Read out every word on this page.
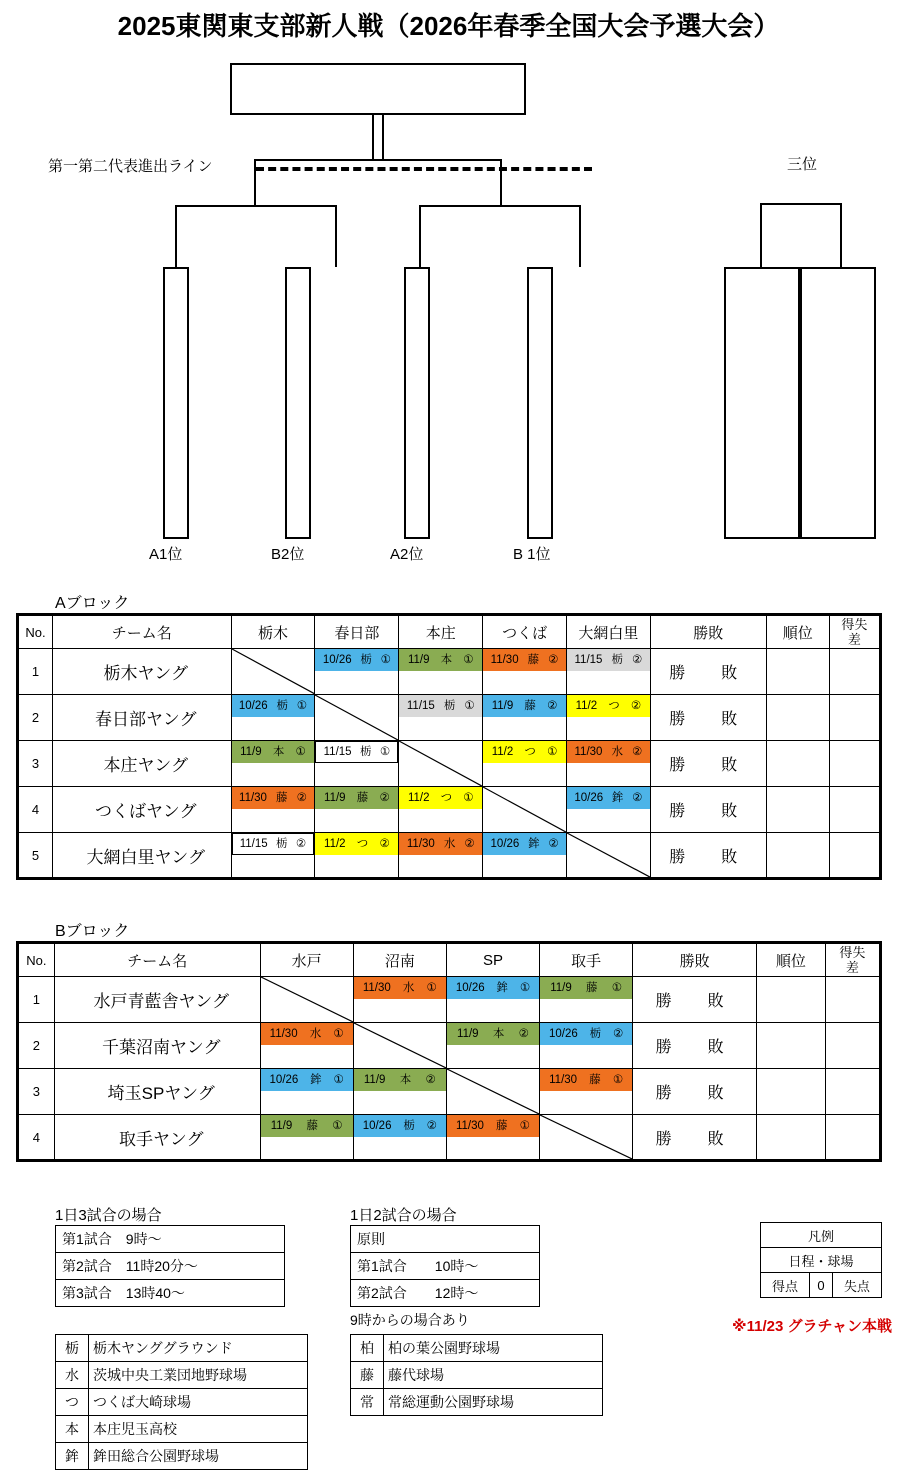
2025東関東支部新人戦（2026年春季全国大会予選大会）
第一第二代表進出ライン
A1位	B2位	A2位	B 1位
三位
Aブロック
No.	チーム名	栃木	春日部	本庄	つくば	大網白里	勝敗	順位	得失
差
1	栃木ヤング		10/26 栃 ①	11/9 本 ①	11/30 藤 ②	11/15 栃 ②	勝　敗		
2	春日部ヤング	10/26 栃 ①		11/15 栃 ①	11/9 藤 ②	11/2 つ ②	勝　敗		
3	本庄ヤング	11/9 本 ①	11/15 栃 ①		11/2 つ ①	11/30 水 ②	勝　敗		
4	つくばヤング	11/30 藤 ②	11/9 藤 ②	11/2 つ ①		10/26 鉾 ②	勝　敗		
5	大網白里ヤング	11/15 栃 ②	11/2 つ ②	11/30 水 ②	10/26 鉾 ②		勝　敗		
Bブロック
No.	チーム名	水戸	沼南	SP	取手	勝敗	順位	得失
差
1	水戸青藍舎ヤング		11/30 水 ①	10/26 鉾 ①	11/9 藤 ①	勝　敗		
2	千葉沼南ヤング	11/30 水 ①		11/9 本 ②	10/26 栃 ②	勝　敗		
3	埼玉SPヤング	10/26 鉾 ①	11/9 本 ②		11/30 藤 ①	勝　敗		
4	取手ヤング	11/9 藤 ①	10/26 栃 ②	11/30 藤 ①		勝　敗		
1日3試合の場合
第1試合　9時～
第2試合　11時20分～
第3試合　13時40～
1日2試合の場合
原則
第1試合　　10時～
第2試合　　12時～
9時からの場合あり
栃	栃木ヤンググラウンド
水	茨城中央工業団地野球場
つ	つくば大崎球場
本	本庄児玉高校
鉾	鉾田総合公園野球場
柏	柏の葉公園野球場
藤	藤代球場
常	常総運動公園野球場
凡例
日程・球場
得点	0	失点
※11/23 グラチャン本戦
